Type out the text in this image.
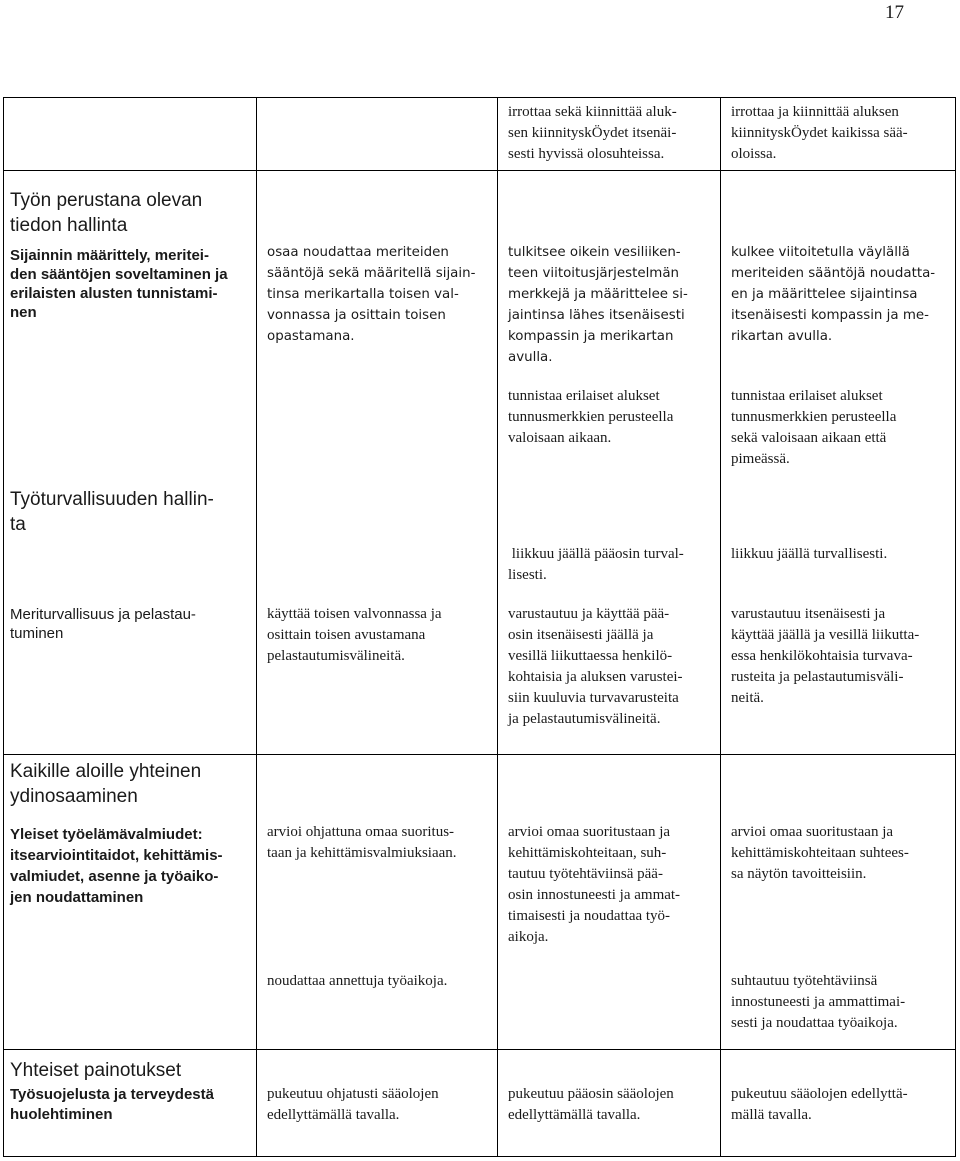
17
irrottaa sekä kiinnittää aluk-
sen kiinnityskÖydet itsenäi-
sesti hyvissä olosuhteissa.
irrottaa ja kiinnittää aluksen
kiinnityskÖydet kaikissa sää-
oloissa.
Työn perustana olevan
tiedon hallinta
Sijainnin määrittely, meritei-
den sääntöjen soveltaminen ja
erilaisten alusten tunnistami-
nen
osaa noudattaa meriteiden
sääntöjä sekä määritellä sijain-
tinsa merikartalla toisen val-
vonnassa ja osittain toisen
opastamana.
tulkitsee oikein vesiliiken-
teen viitoitusjärjestelmän
merkkejä ja määrittelee si-
jaintinsa lähes itsenäisesti
kompassin ja merikartan
avulla.
kulkee viitoitetulla väylällä
meriteiden sääntöjä noudatta-
en ja määrittelee sijaintinsa
itsenäisesti kompassin ja me-
rikartan avulla.
tunnistaa erilaiset alukset
tunnusmerkkien perusteella
valoisaan aikaan.
tunnistaa erilaiset alukset
tunnusmerkkien perusteella
sekä valoisaan aikaan että
pimeässä.
Työturvallisuuden hallin-
ta
liikkuu jäällä pääosin turval-
lisesti.
liikkuu jäällä turvallisesti.
Meriturvallisuus ja pelastau-
tuminen
käyttää toisen valvonnassa ja
osittain toisen avustamana
pelastautumisvälineitä.
varustautuu ja käyttää pää-
osin itsenäisesti jäällä ja
vesillä liikuttaessa henkilö-
kohtaisia ja aluksen varustei-
siin kuuluvia turvavarusteita
ja pelastautumisvälineitä.
varustautuu itsenäisesti ja
käyttää jäällä ja vesillä liikutta-
essa henkilökohtaisia turvava-
rusteita ja pelastautumisväli-
neitä.
Kaikille aloille yhteinen
ydinosaaminen
Yleiset työelämävalmiudet:
itsearviointitaidot, kehittämis-
valmiudet, asenne ja työaiko-
jen noudattaminen
arvioi ohjattuna omaa suoritus-
taan ja kehittämisvalmiuksiaan.
arvioi omaa suoritustaan ja
kehittämiskohteitaan, suh-
tautuu työtehtäviinsä pää-
osin innostuneesti ja ammat-
timaisesti ja noudattaa työ-
aikoja.
arvioi omaa suoritustaan ja
kehittämiskohteitaan suhtees-
sa näytön tavoitteisiin.
noudattaa annettuja työaikoja.	suhtautuu työtehtäviinsä
innostuneesti ja ammattimai-
sesti ja noudattaa työaikoja.
Yhteiset painotukset
Työsuojelusta ja terveydestä
huolehtiminen
pukeutuu ohjatusti sääolojen
edellyttämällä tavalla.
pukeutuu pääosin sääolojen
edellyttämällä tavalla.
pukeutuu sääolojen edellyttä-
mällä tavalla.
